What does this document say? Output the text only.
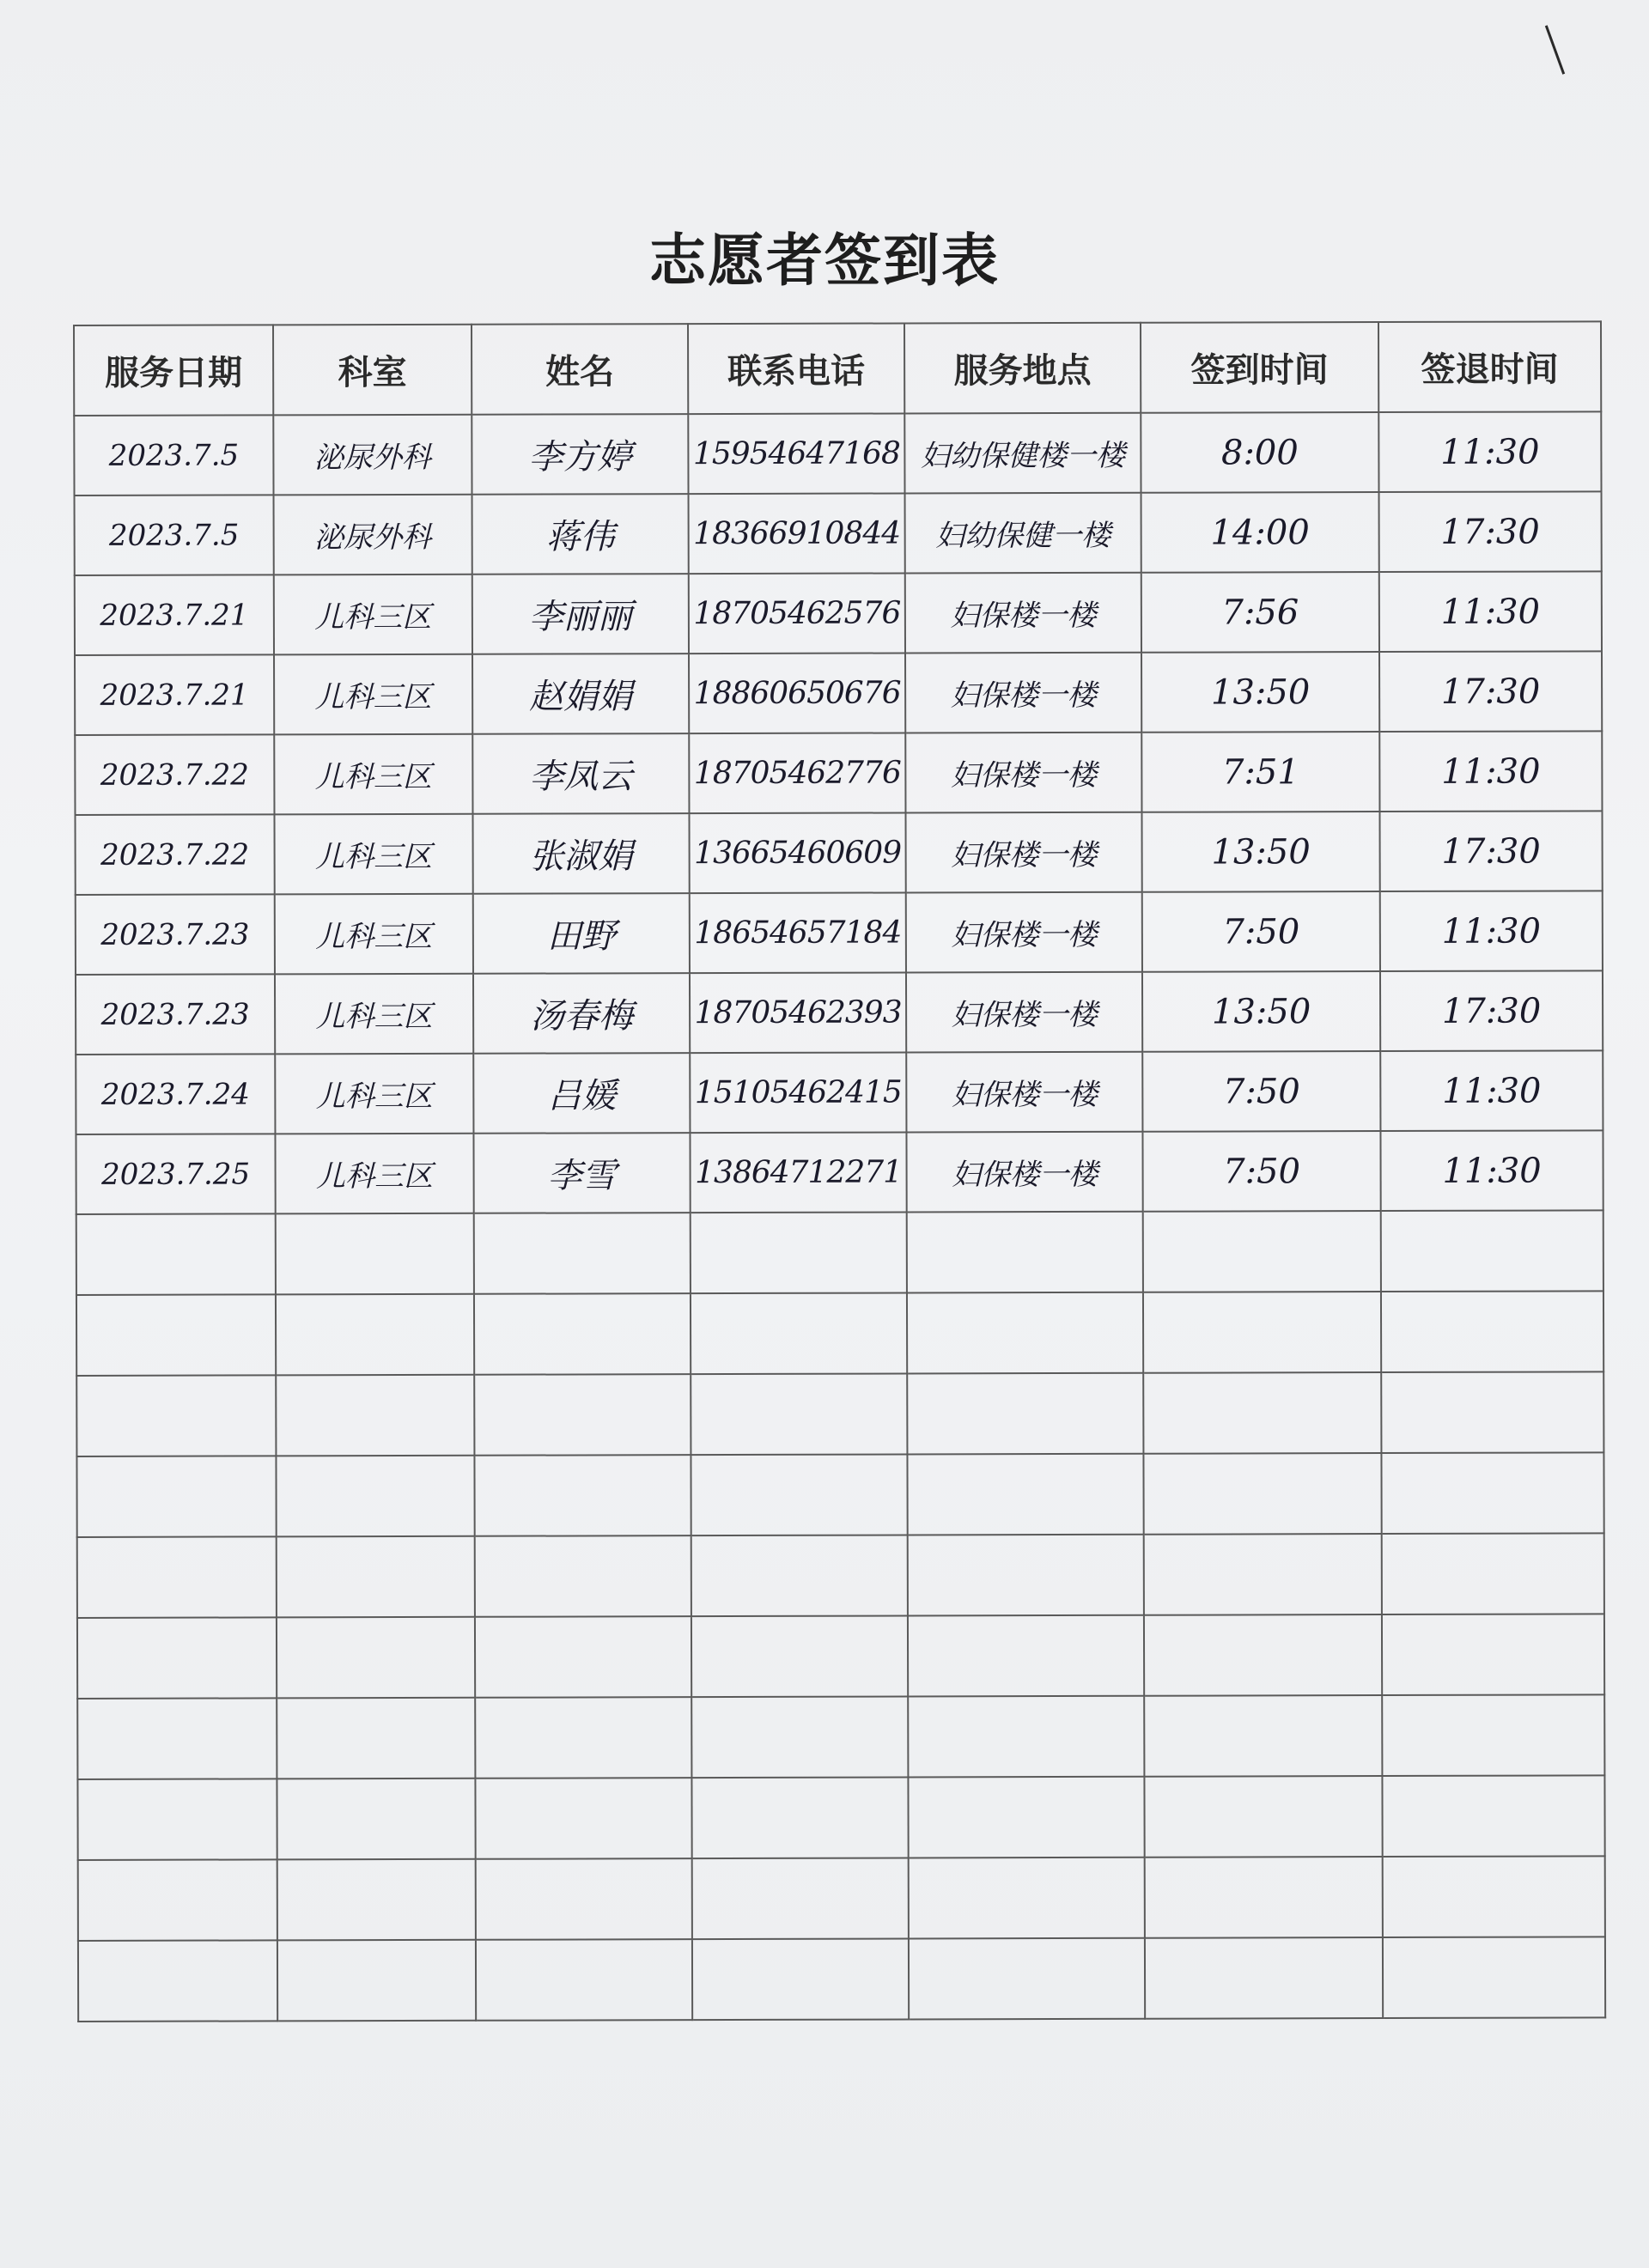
志愿者签到表
服务日期	科室	姓名	联系电话	服务地点	签到时间	签退时间
2023.7.5	泌尿外科	李方婷	15954647168	妇幼保健楼一楼	8:00	11:30
2023.7.5	泌尿外科	蒋伟	18366910844	妇幼保健一楼	14:00	17:30
2023.7.21	儿科三区	李丽丽	18705462576	妇保楼一楼	7:56	11:30
2023.7.21	儿科三区	赵娟娟	18860650676	妇保楼一楼	13:50	17:30
2023.7.22	儿科三区	李凤云	18705462776	妇保楼一楼	7:51	11:30
2023.7.22	儿科三区	张淑娟	13665460609	妇保楼一楼	13:50	17:30
2023.7.23	儿科三区	田野	18654657184	妇保楼一楼	7:50	11:30
2023.7.23	儿科三区	汤春梅	18705462393	妇保楼一楼	13:50	17:30
2023.7.24	儿科三区	吕媛	15105462415	妇保楼一楼	7:50	11:30
2023.7.25	儿科三区	李雪	13864712271	妇保楼一楼	7:50	11:30
